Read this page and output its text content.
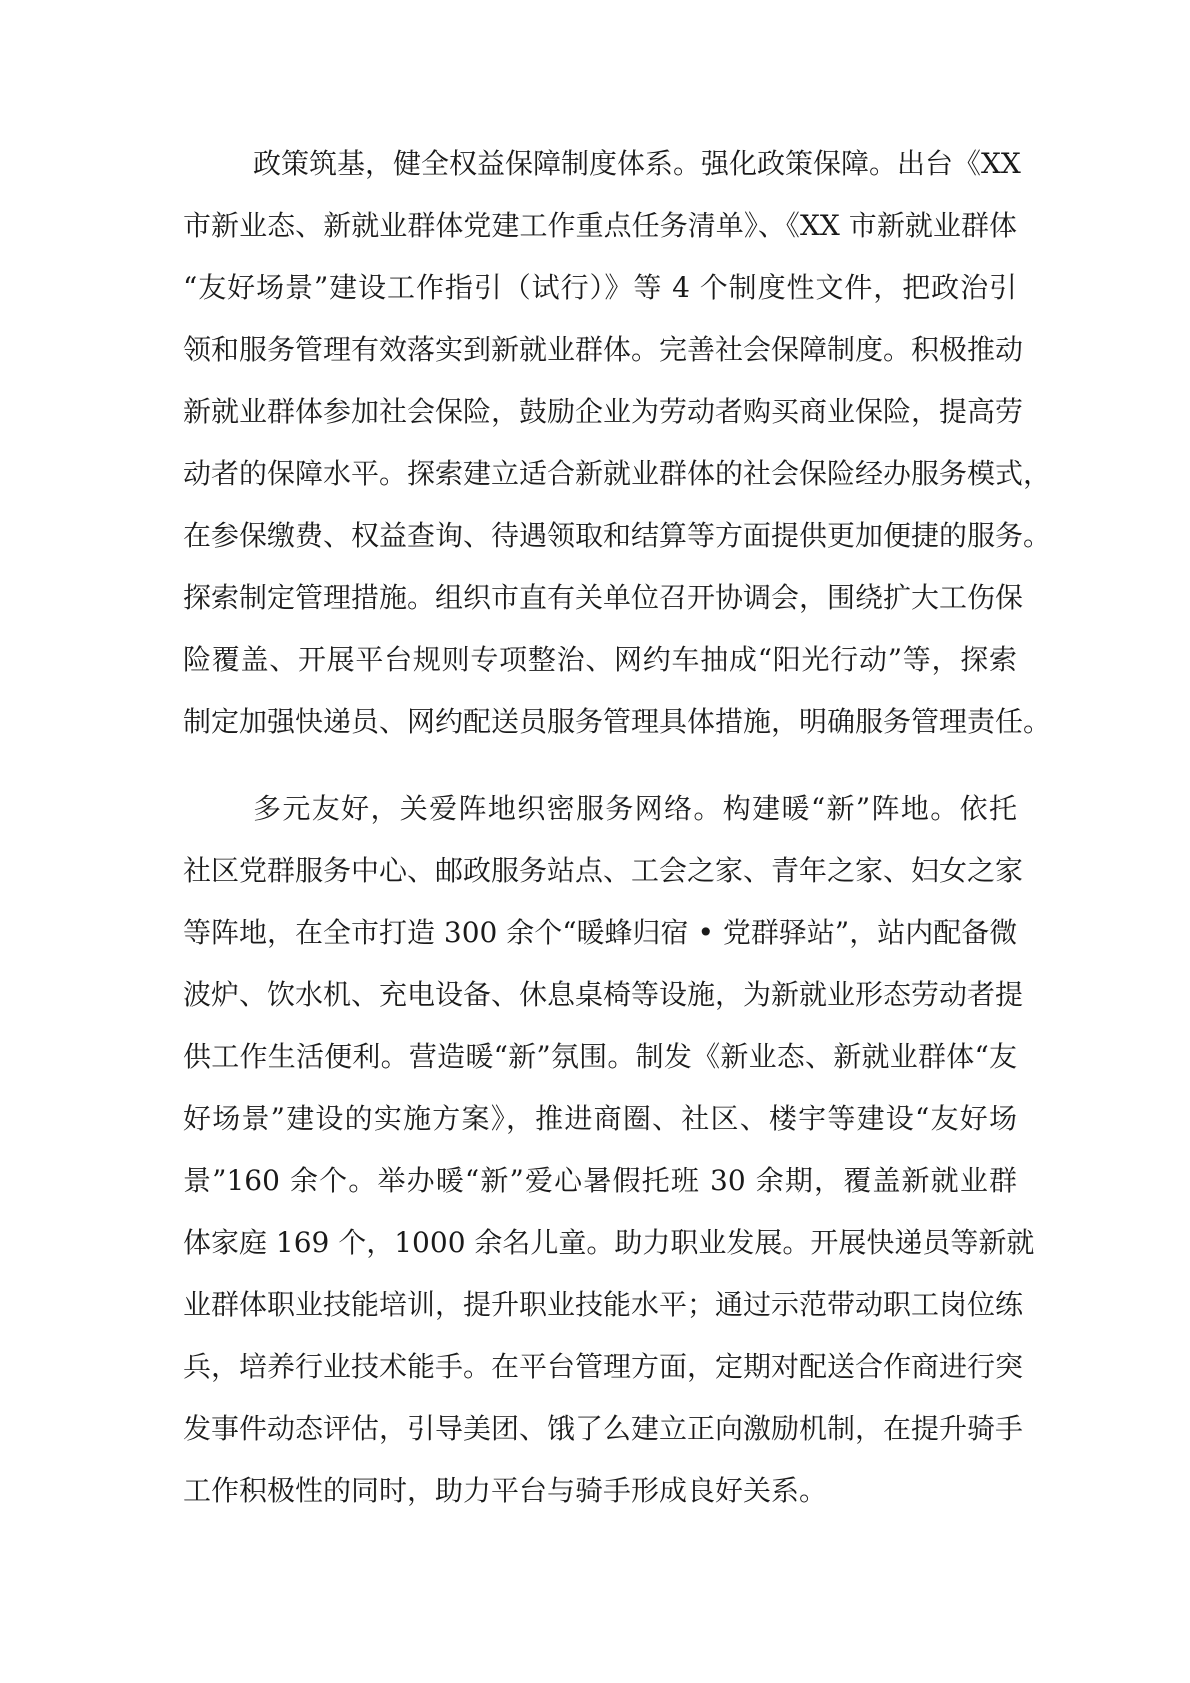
政策筑基，健全权益保障制度体系。强化政策保障。出台《XX
市新业态、新就业群体党建工作重点任务清单》、《XX 市新就业群体
“友好场景”建设工作指引（试行）》等 4 个制度性文件，把政治引
领和服务管理有效落实到新就业群体。完善社会保障制度。积极推动
新就业群体参加社会保险，鼓励企业为劳动者购买商业保险，提高劳
动者的保障水平。探索建立适合新就业群体的社会保险经办服务模式，
在参保缴费、权益查询、待遇领取和结算等方面提供更加便捷的服务。
探索制定管理措施。组织市直有关单位召开协调会，围绕扩大工伤保
险覆盖、开展平台规则专项整治、网约车抽成“阳光行动”等，探索
制定加强快递员、网约配送员服务管理具体措施，明确服务管理责任。
多元友好，关爱阵地织密服务网络。构建暖“新”阵地。依托
社区党群服务中心、邮政服务站点、工会之家、青年之家、妇女之家
等阵地，在全市打造 300 余个“暖蜂归宿 • 党群驿站”，站内配备微
波炉、饮水机、充电设备、休息桌椅等设施，为新就业形态劳动者提
供工作生活便利。营造暖“新”氛围。制发《新业态、新就业群体“友
好场景”建设的实施方案》，推进商圈、社区、楼宇等建设“友好场
景”160 余个。举办暖“新”爱心暑假托班 30 余期，覆盖新就业群
体家庭 169 个，1000 余名儿童。助力职业发展。开展快递员等新就
业群体职业技能培训，提升职业技能水平；通过示范带动职工岗位练
兵，培养行业技术能手。在平台管理方面，定期对配送合作商进行突
发事件动态评估，引导美团、饿了么建立正向激励机制，在提升骑手
工作积极性的同时，助力平台与骑手形成良好关系。
